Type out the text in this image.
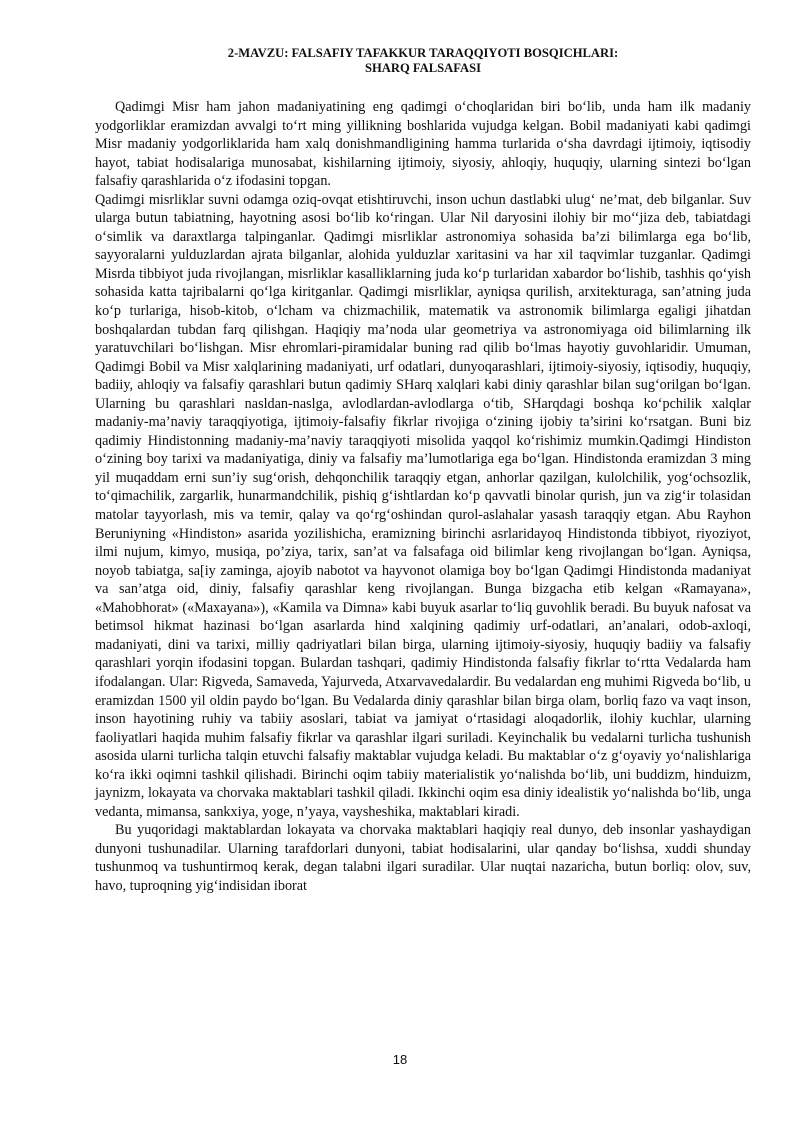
2-MAVZU: FALSAFIY TAFAKKUR TARAQQIYOTI BOSQICHLARI:

SHARQ FALSAFASI

Qadimgi Misr ham jahon madaniyatining eng qadimgi o‘choqlaridan biri bo‘lib, unda ham ilk madaniy yodgorliklar eramizdan avvalgi to‘rt ming yillikning boshlarida vujudga kelgan. Bobil madaniyati kabi qadimgi Misr madaniy yodgorliklarida ham xalq donishmandligining hamma turlarida o‘sha davrdagi ijtimoiy, iqtisodiy hayot, tabiat hodisalariga munosabat, kishilarning ijtimoiy, siyosiy, ahloqiy, huquqiy, ularning sintezi bo‘lgan falsafiy qarashlarida o‘z ifodasini topgan.

Qadimgi misrliklar suvni odamga oziq-ovqat etishtiruvchi, inson uchun dastlabki ulug‘ ne’mat, deb bilganlar. Suv ularga butun tabiatning, hayotning asosi bo‘lib ko‘ringan. Ular Nil daryosini ilohiy bir mo‘‘jiza deb, tabiatdagi o‘simlik va daraxtlarga talpinganlar. Qadimgi misrliklar astronomiya sohasida ba’zi bilimlarga ega bo‘lib, sayyoralarni yulduzlardan ajrata bilganlar, alohida yulduzlar xaritasini va har xil taqvimlar tuzganlar. Qadimgi Misrda tibbiyot juda rivojlangan, misrliklar kasalliklarning juda ko‘p turlaridan xabardor bo‘lishib, tashhis qo‘yish sohasida katta tajribalarni qo‘lga kiritganlar. Qadimgi misrliklar, ayniqsa qurilish, arxitekturaga, san’atning juda ko‘p turlariga, hisob-kitob, o‘lcham va chizmachilik, matematik va astronomik bilimlarga egaligi jihatdan boshqalardan tubdan farq qilishgan. Haqiqiy ma’noda ular geometriya va astronomiyaga oid bilimlarning ilk yaratuvchilari bo‘lishgan. Misr ehromlari-piramidalar buning rad qilib bo‘lmas hayotiy guvohlaridir. Umuman, Qadimgi Bobil va Misr xalqlarining madaniyati, urf odatlari, dunyoqarashlari, ijtimoiy-siyosiy, iqtisodiy, huquqiy, badiiy, ahloqiy va falsafiy qarashlari butun qadimiy SHarq xalqlari kabi diniy qarashlar bilan sug‘orilgan bo‘lgan. Ularning bu qarashlari nasldan-naslga, avlodlardan-avlodlarga o‘tib, SHarqdagi boshqa ko‘pchilik xalqlar madaniy-ma’naviy taraqqiyotiga, ijtimoiy-falsafiy fikrlar rivojiga o‘zining ijobiy ta’sirini ko‘rsatgan. Buni biz qadimiy Hindistonning madaniy-ma’naviy taraqqiyoti misolida yaqqol ko‘rishimiz mumkin.Qadimgi Hindiston o‘zining boy tarixi va madaniyatiga, diniy va falsafiy ma’lumotlariga ega bo‘lgan. Hindistonda eramizdan 3 ming yil muqaddam erni sun’iy sug‘orish, dehqonchilik taraqqiy etgan, anhorlar qazilgan, kulolchilik, yog‘ochsozlik, to‘qimachilik, zargarlik, hunarmandchilik, pishiq g‘ishtlardan ko‘p qavvatli binolar qurish, jun va zig‘ir tolasidan matolar tayyorlash, mis va temir, qalay va qo‘rg‘oshindan qurol-aslahalar yasash taraqqiy etgan. Abu Rayhon Beruniyning «Hindiston» asarida yozilishicha, eramizning birinchi asrlaridayoq Hindistonda tibbiyot, riyoziyot, ilmi nujum, kimyo, musiqa, po’ziya, tarix, san’at va falsafaga oid bilimlar keng rivojlangan bo‘lgan. Ayniqsa, noyob tabiatga, sa[iy zaminga, ajoyib nabotot va hayvonot olamiga boy bo‘lgan Qadimgi Hindistonda madaniyat va san’atga oid, diniy, falsafiy qarashlar keng rivojlangan. Bunga bizgacha etib kelgan «Ramayana», «Mahobhorat» («Maxayana»), «Kamila va Dimna» kabi buyuk asarlar to‘liq guvohlik beradi. Bu buyuk nafosat va betimsol hikmat hazinasi bo‘lgan asarlarda hind xalqining qadimiy urf-odatlari, an’analari, odob-axloqi, madaniyati, dini va tarixi, milliy qadriyatlari bilan birga, ularning ijtimoiy-siyosiy, huquqiy badiiy va falsafiy qarashlari yorqin ifodasini topgan. Bulardan tashqari, qadimiy Hindistonda falsafiy fikrlar to‘rtta Vedalarda ham ifodalangan. Ular: Rigveda, Samaveda, Yajurveda, Atxarvavedalardir. Bu vedalardan eng muhimi Rigveda bo‘lib, u eramizdan 1500 yil oldin paydo bo‘lgan. Bu Vedalarda diniy qarashlar bilan birga olam, borliq fazo va vaqt inson, inson hayotining ruhiy va tabiiy asoslari, tabiat va jamiyat o‘rtasidagi aloqadorlik, ilohiy kuchlar, ularning faoliyatlari haqida muhim falsafiy fikrlar va qarashlar ilgari suriladi. Keyinchalik bu vedalarni turlicha tushunish asosida ularni turlicha talqin etuvchi falsafiy maktablar vujudga keladi. Bu maktablar o‘z g‘oyaviy yo‘nalishlariga ko‘ra ikki oqimni tashkil qilishadi. Birinchi oqim tabiiy materialistik yo‘nalishda bo‘lib, uni buddizm, hinduizm, jaynizm, lokayata va chorvaka maktablari tashkil qiladi. Ikkinchi oqim esa diniy idealistik yo‘nalishda bo‘lib, unga vedanta, mimansa, sankxiya, yoge, n’yaya, vaysheshika, maktablari kiradi.

Bu yuqoridagi maktablardan lokayata va chorvaka maktablari haqiqiy real dunyo, deb insonlar yashaydigan dunyoni tushunadilar. Ularning tarafdorlari dunyoni, tabiat hodisalarini, ular qanday bo‘lishsa, xuddi shunday tushunmoq va tushuntirmoq kerak, degan talabni ilgari suradilar. Ular nuqtai nazaricha, butun borliq: olov, suv, havo, tuproqning yig‘indisidan iborat

18
